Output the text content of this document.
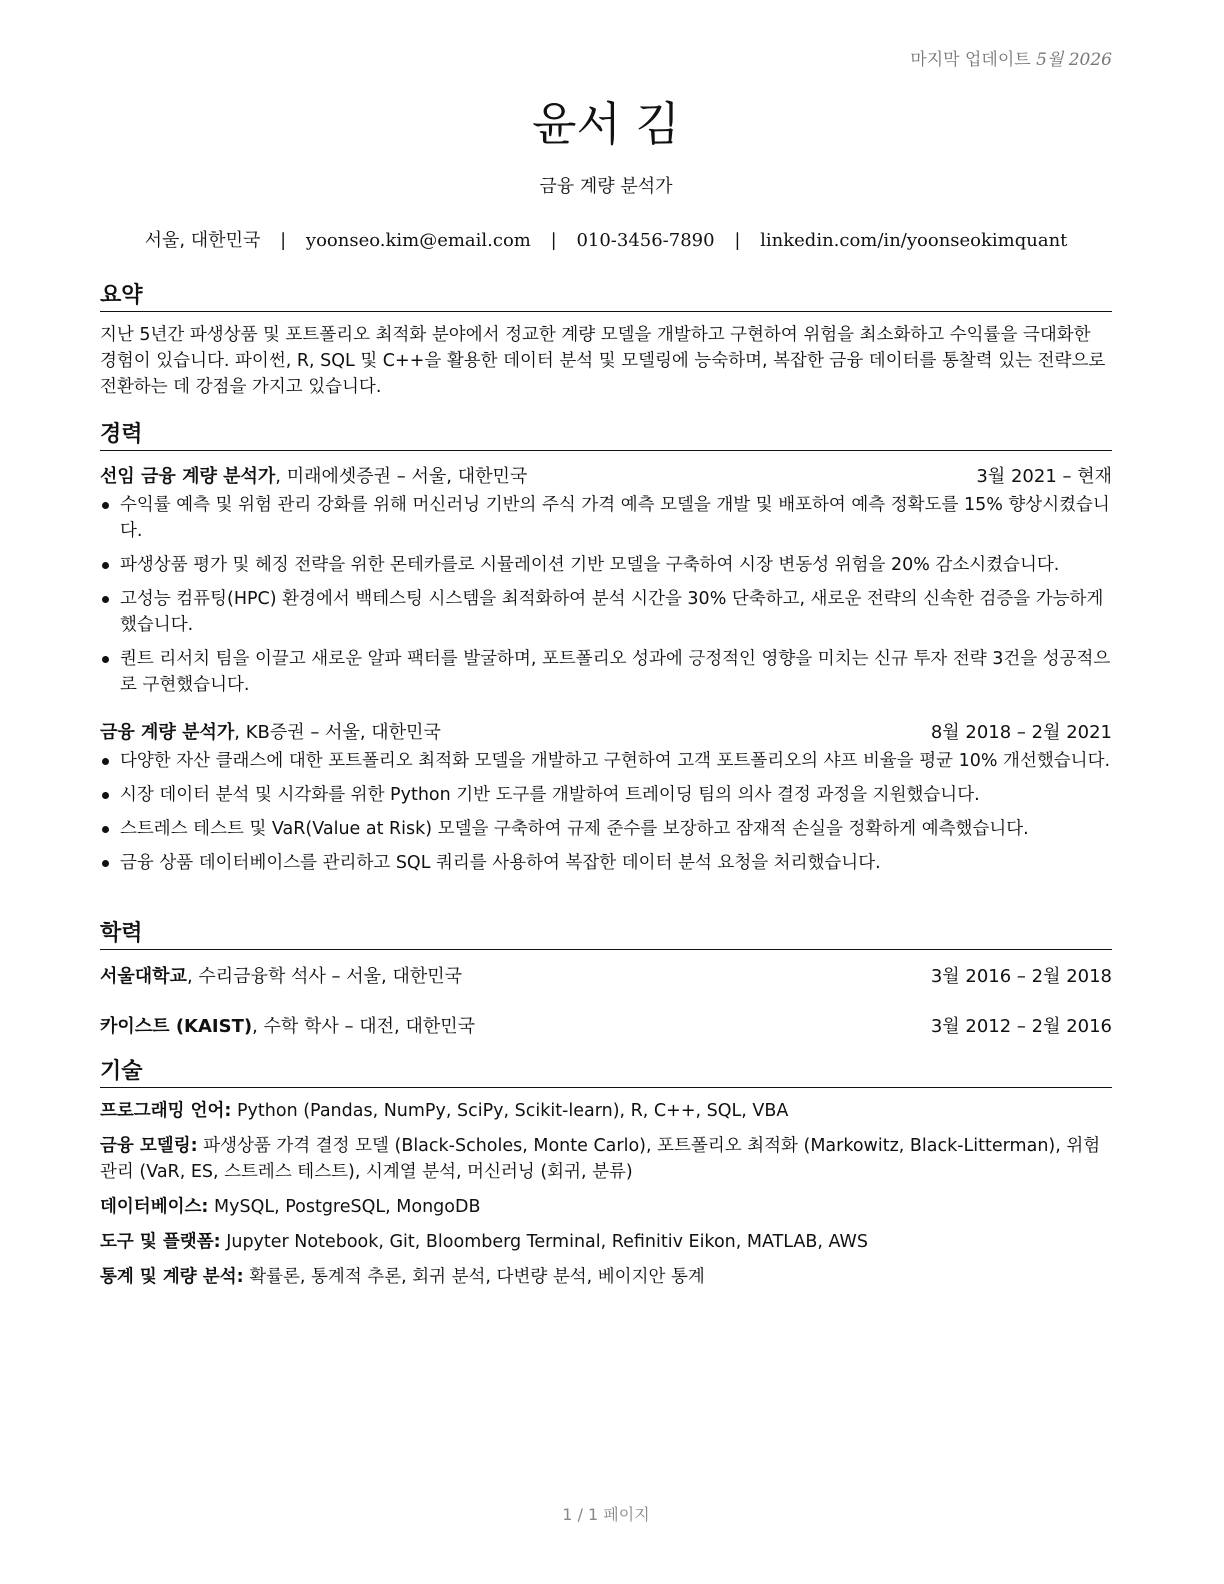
마지막 업데이트 5월 2026
윤서 김
금융 계량 분석가
서울, 대한민국 | yoonseo.kim@email.com | 010-3456-7890 | linkedin.com/in/yoonseokimquant
요약
지난 5년간 파생상품 및 포트폴리오 최적화 분야에서 정교한 계량 모델을 개발하고 구현하여 위험을 최소화하고 수익률을 극대화한 경험이 있습니다. 파이썬, R, SQL 및 C++을 활용한 데이터 분석 및 모델링에 능숙하며, 복잡한 금융 데이터를 통찰력 있는 전략으로 전환하는 데 강점을 가지고 있습니다.
경력
선임 금융 계량 분석가, 미래에셋증권 – 서울, 대한민국	3월 2021 – 현재
수익률 예측 및 위험 관리 강화를 위해 머신러닝 기반의 주식 가격 예측 모델을 개발 및 배포하여 예측 정확도를 15% 향상시켰습니다.
파생상품 평가 및 헤징 전략을 위한 몬테카를로 시뮬레이션 기반 모델을 구축하여 시장 변동성 위험을 20% 감소시켰습니다.
고성능 컴퓨팅(HPC) 환경에서 백테스팅 시스템을 최적화하여 분석 시간을 30% 단축하고, 새로운 전략의 신속한 검증을 가능하게 했습니다.
퀀트 리서치 팀을 이끌고 새로운 알파 팩터를 발굴하며, 포트폴리오 성과에 긍정적인 영향을 미치는 신규 투자 전략 3건을 성공적으로 구현했습니다.
금융 계량 분석가, KB증권 – 서울, 대한민국	8월 2018 – 2월 2021
다양한 자산 클래스에 대한 포트폴리오 최적화 모델을 개발하고 구현하여 고객 포트폴리오의 샤프 비율을 평균 10% 개선했습니다.
시장 데이터 분석 및 시각화를 위한 Python 기반 도구를 개발하여 트레이딩 팀의 의사 결정 과정을 지원했습니다.
스트레스 테스트 및 VaR(Value at Risk) 모델을 구축하여 규제 준수를 보장하고 잠재적 손실을 정확하게 예측했습니다.
금융 상품 데이터베이스를 관리하고 SQL 쿼리를 사용하여 복잡한 데이터 분석 요청을 처리했습니다.
학력
서울대학교, 수리금융학 석사 – 서울, 대한민국	3월 2016 – 2월 2018
카이스트 (KAIST), 수학 학사 – 대전, 대한민국	3월 2012 – 2월 2016
기술
프로그래밍 언어: Python (Pandas, NumPy, SciPy, Scikit-learn), R, C++, SQL, VBA
금융 모델링: 파생상품 가격 결정 모델 (Black-Scholes, Monte Carlo), 포트폴리오 최적화 (Markowitz, Black-Litterman), 위험 관리 (VaR, ES, 스트레스 테스트), 시계열 분석, 머신러닝 (회귀, 분류)
데이터베이스: MySQL, PostgreSQL, MongoDB
도구 및 플랫폼: Jupyter Notebook, Git, Bloomberg Terminal, Refinitiv Eikon, MATLAB, AWS
통계 및 계량 분석: 확률론, 통계적 추론, 회귀 분석, 다변량 분석, 베이지안 통계
1 / 1 페이지
